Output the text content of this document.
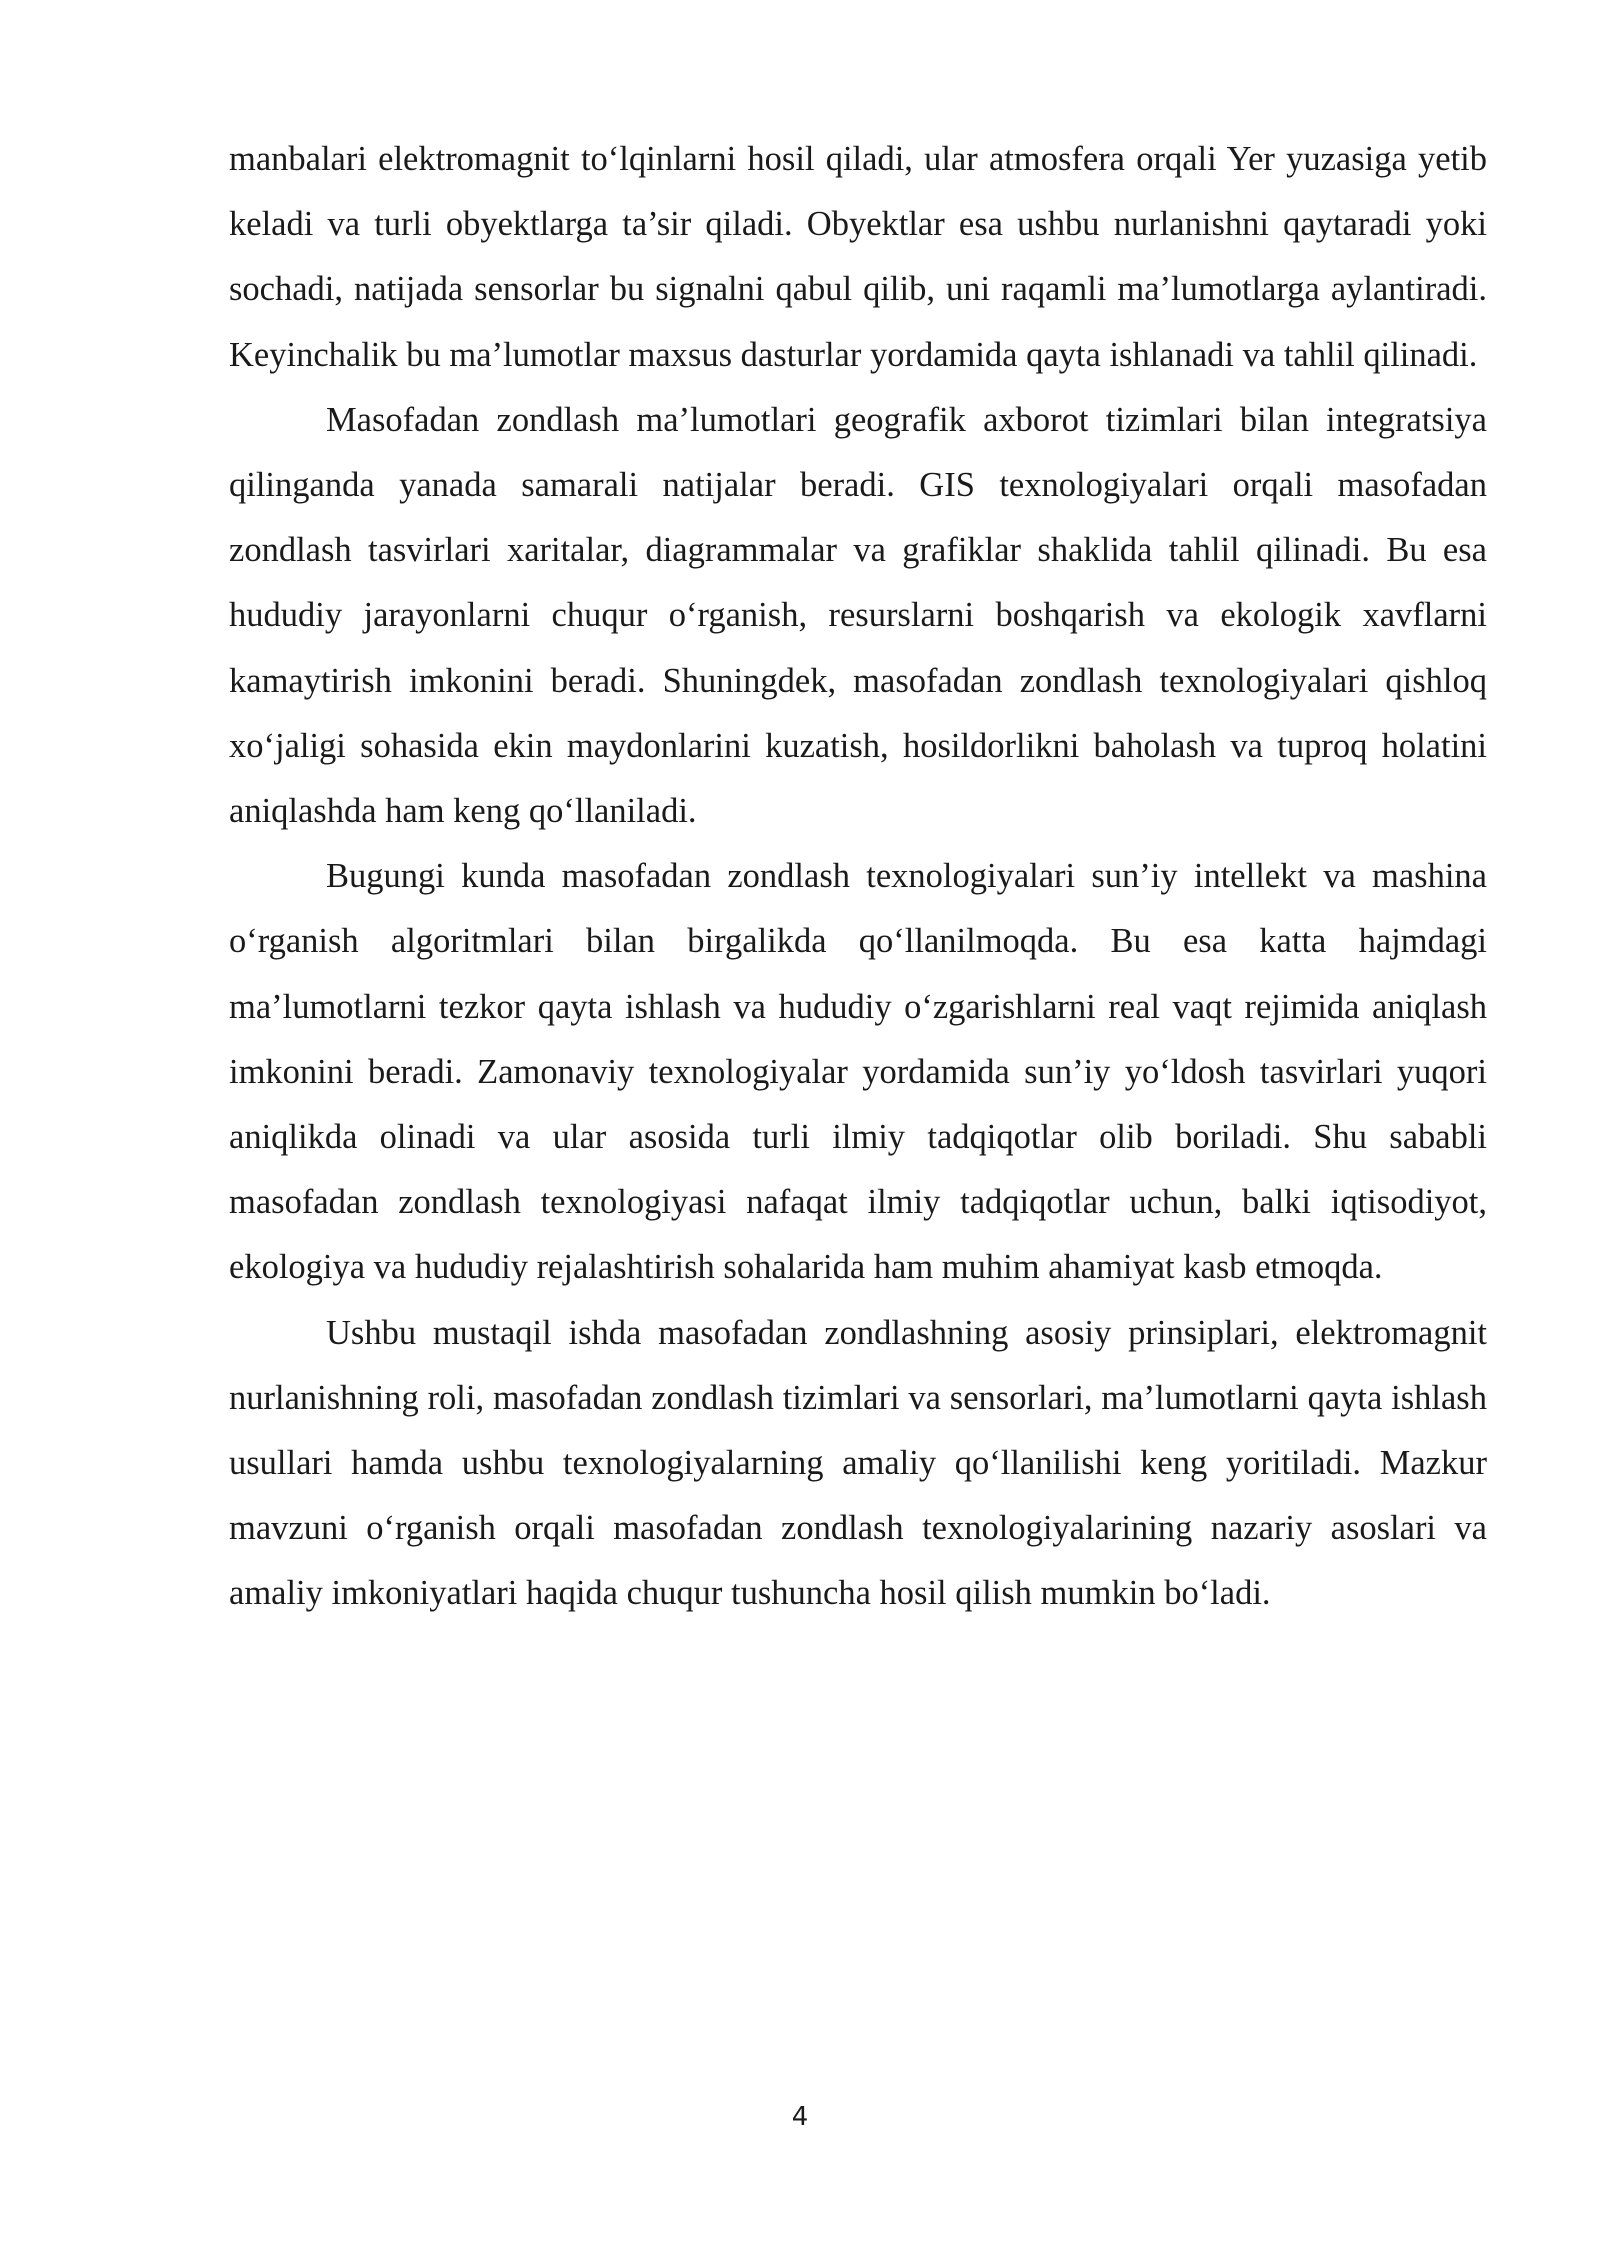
manbalari elektromagnit to‘lqinlarni hosil qiladi, ular atmosfera orqali Yer yuzasiga yetib keladi va turli obyektlarga ta’sir qiladi. Obyektlar esa ushbu nurlanishni qaytaradi yoki sochadi, natijada sensorlar bu signalni qabul qilib, uni raqamli ma’lumotlarga aylantiradi. Keyinchalik bu ma’lumotlar maxsus dasturlar yordamida qayta ishlanadi va tahlil qilinadi.

Masofadan zondlash ma’lumotlari geografik axborot tizimlari bilan integratsiya qilinganda yanada samarali natijalar beradi. GIS texnologiyalari orqali masofadan zondlash tasvirlari xaritalar, diagrammalar va grafiklar shaklida tahlil qilinadi. Bu esa hududiy jarayonlarni chuqur o‘rganish, resurslarni boshqarish va ekologik xavflarni kamaytirish imkonini beradi. Shuningdek, masofadan zondlash texnologiyalari qishloq xo‘jaligi sohasida ekin maydonlarini kuzatish, hosildorlikni baholash va tuproq holatini aniqlashda ham keng qo‘llaniladi.

Bugungi kunda masofadan zondlash texnologiyalari sun’iy intellekt va mashina o‘rganish algoritmlari bilan birgalikda qo‘llanilmoqda. Bu esa katta hajmdagi ma’lumotlarni tezkor qayta ishlash va hududiy o‘zgarishlarni real vaqt rejimida aniqlash imkonini beradi. Zamonaviy texnologiyalar yordamida sun’iy yo‘ldosh tasvirlari yuqori aniqlikda olinadi va ular asosida turli ilmiy tadqiqotlar olib boriladi. Shu sababli masofadan zondlash texnologiyasi nafaqat ilmiy tadqiqotlar uchun, balki iqtisodiyot, ekologiya va hududiy rejalashtirish sohalarida ham muhim ahamiyat kasb etmoqda.

Ushbu mustaqil ishda masofadan zondlashning asosiy prinsiplari, elektromagnit nurlanishning roli, masofadan zondlash tizimlari va sensorlari, ma’lumotlarni qayta ishlash usullari hamda ushbu texnologiyalarning amaliy qo‘llanilishi keng yoritiladi. Mazkur mavzuni o‘rganish orqali masofadan zondlash texnologiyalarining nazariy asoslari va amaliy imkoniyatlari haqida chuqur tushuncha hosil qilish mumkin bo‘ladi.

4
